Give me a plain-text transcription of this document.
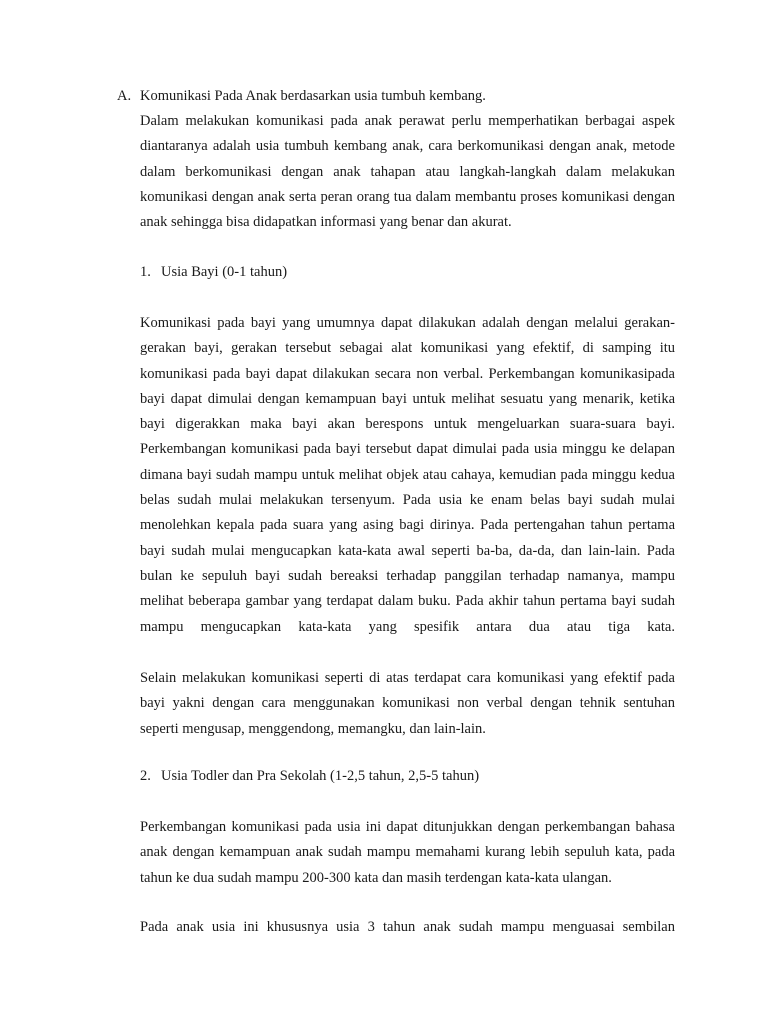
A. Komunikasi Pada Anak berdasarkan usia tumbuh kembang.

Dalam melakukan komunikasi pada anak perawat perlu memperhatikan berbagai aspek diantaranya adalah usia tumbuh kembang anak, cara berkomunikasi dengan anak, metode dalam berkomunikasi dengan anak tahapan atau langkah-langkah dalam melakukan komunikasi dengan anak serta peran orang tua dalam membantu proses komunikasi dengan anak sehingga bisa didapatkan informasi yang benar dan akurat.

1. Usia Bayi (0-1 tahun)

Komunikasi pada bayi yang umumnya dapat dilakukan adalah dengan melalui gerakan-gerakan bayi, gerakan tersebut sebagai alat komunikasi yang efektif, di samping itu komunikasi pada bayi dapat dilakukan secara non verbal. Perkembangan komunikasipada bayi dapat dimulai dengan kemampuan bayi untuk melihat sesuatu yang menarik, ketika bayi digerakkan maka bayi akan berespons untuk mengeluarkan suara-suara bayi. Perkembangan komunikasi pada bayi tersebut dapat dimulai pada usia minggu ke delapan dimana bayi sudah mampu untuk melihat objek atau cahaya, kemudian pada minggu kedua belas sudah mulai melakukan tersenyum. Pada usia ke enam belas bayi sudah mulai menolehkan kepala pada suara yang asing bagi dirinya. Pada pertengahan tahun pertama bayi sudah mulai mengucapkan kata-kata awal seperti ba-ba, da-da, dan lain-lain. Pada bulan ke sepuluh bayi sudah bereaksi terhadap panggilan terhadap namanya, mampu melihat beberapa gambar yang terdapat dalam buku. Pada akhir tahun pertama bayi sudah mampu mengucapkan kata-kata yang spesifik antara dua atau tiga kata.

Selain melakukan komunikasi seperti di atas terdapat cara komunikasi yang efektif pada bayi yakni dengan cara menggunakan komunikasi non verbal dengan tehnik sentuhan seperti mengusap, menggendong, memangku, dan lain-lain.

2. Usia Todler dan Pra Sekolah (1-2,5 tahun, 2,5-5 tahun)

Perkembangan komunikasi pada usia ini dapat ditunjukkan dengan perkembangan bahasa anak dengan kemampuan anak sudah mampu memahami kurang lebih sepuluh kata, pada tahun ke dua sudah mampu 200-300 kata dan masih terdengan kata-kata ulangan.

Pada anak usia ini khususnya usia 3 tahun anak sudah mampu menguasai sembilan
